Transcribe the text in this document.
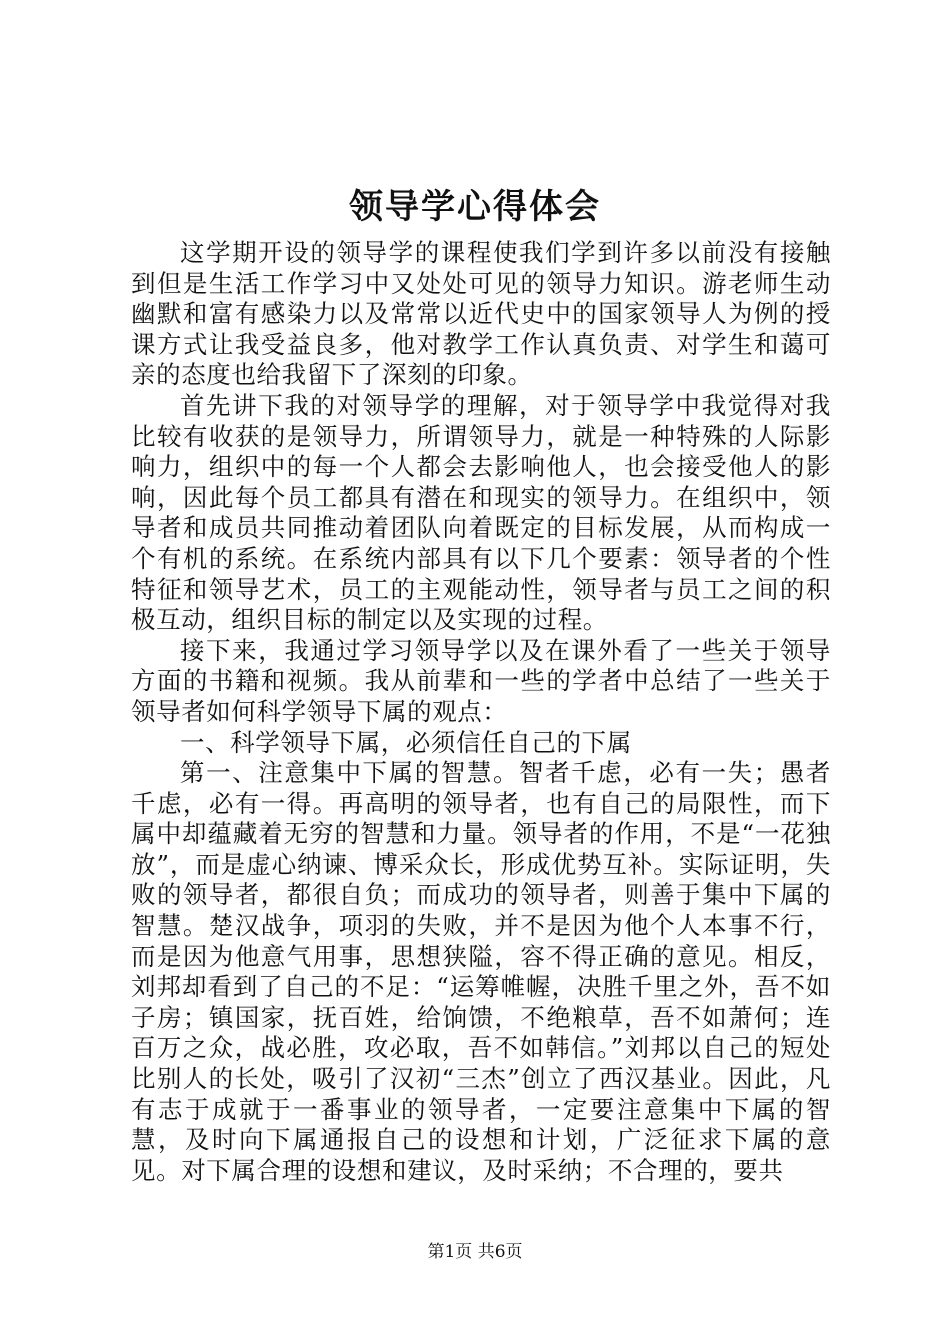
领导学心得体会

这学期开设的领导学的课程使我们学到许多以前没有接触到但是生活工作学习中又处处可见的领导力知识。游老师生动幽默和富有感染力以及常常以近代史中的国家领导人为例的授课方式让我受益良多，他对教学工作认真负责、对学生和蔼可亲的态度也给我留下了深刻的印象。

首先讲下我的对领导学的理解，对于领导学中我觉得对我比较有收获的是领导力，所谓领导力，就是一种特殊的人际影响力，组织中的每一个人都会去影响他人，也会接受他人的影响，因此每个员工都具有潜在和现实的领导力。在组织中，领导者和成员共同推动着团队向着既定的目标发展，从而构成一个有机的系统。在系统内部具有以下几个要素：领导者的个性特征和领导艺术，员工的主观能动性，领导者与员工之间的积极互动，组织目标的制定以及实现的过程。

接下来，我通过学习领导学以及在课外看了一些关于领导方面的书籍和视频。我从前辈和一些的学者中总结了一些关于领导者如何科学领导下属的观点：

一、科学领导下属，必须信任自己的下属

第一、注意集中下属的智慧。智者千虑，必有一失；愚者千虑，必有一得。再高明的领导者，也有自己的局限性，而下属中却蕴藏着无穷的智慧和力量。领导者的作用，不是“一花独放”，而是虚心纳谏、博采众长，形成优势互补。实际证明，失败的领导者，都很自负；而成功的领导者，则善于集中下属的智慧。楚汉战争，项羽的失败，并不是因为他个人本事不行，而是因为他意气用事，思想狭隘，容不得正确的意见。相反，刘邦却看到了自己的不足：“运筹帷幄，决胜千里之外，吾不如子房；镇国家，抚百姓，给饷馈，不绝粮草，吾不如萧何；连百万之众，战必胜，攻必取，吾不如韩信。”刘邦以自己的短处比别人的长处，吸引了汉初“三杰”创立了西汉基业。因此，凡有志于成就于一番事业的领导者，一定要注意集中下属的智慧，及时向下属通报自己的设想和计划，广泛征求下属的意见。对下属合理的设想和建议，及时采纳；不合理的，要共

第1页 共6页
